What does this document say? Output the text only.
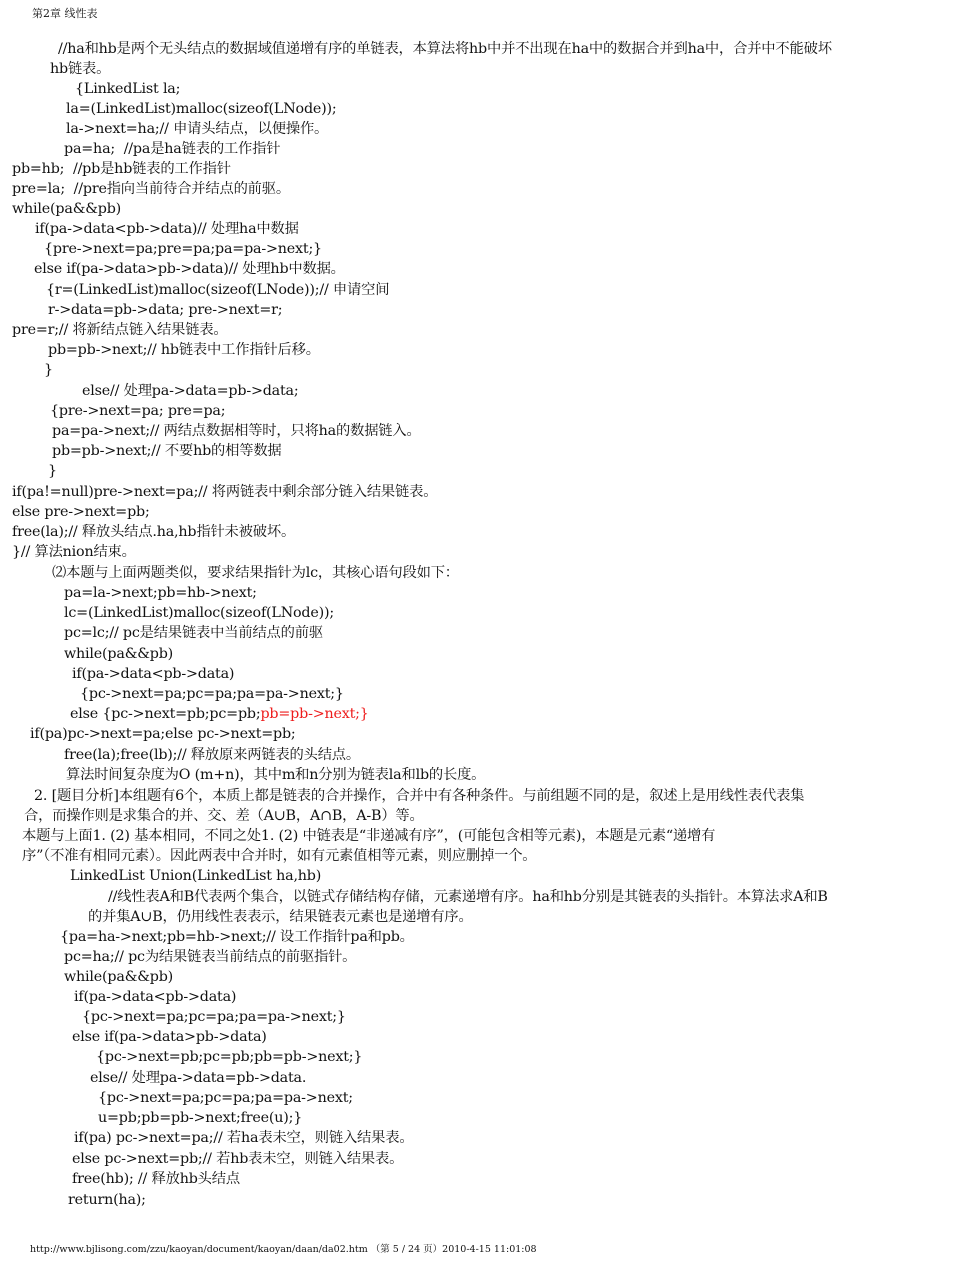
第2章 线性表
//ha和hb是两个无头结点的数据域值递增有序的单链表，本算法将hb中并不出现在ha中的数据合并到ha中，合并中不能破坏
hb链表。
{LinkedList la;
la=(LinkedList)malloc(sizeof(LNode));
la->next=ha;// 申请头结点，以便操作。
pa=ha;  //pa是ha链表的工作指针
pb=hb;  //pb是hb链表的工作指针
pre=la;  //pre指向当前待合并结点的前驱。
while(pa&&pb)
if(pa->data<pb->data)// 处理ha中数据
{pre->next=pa;pre=pa;pa=pa->next;}
else if(pa->data>pb->data)// 处理hb中数据。
{r=(LinkedList)malloc(sizeof(LNode));// 申请空间
r->data=pb->data; pre->next=r;
pre=r;// 将新结点链入结果链表。
pb=pb->next;// hb链表中工作指针后移。
}
else// 处理pa->data=pb->data;
{pre->next=pa; pre=pa;
pa=pa->next;// 两结点数据相等时，只将ha的数据链入。
pb=pb->next;// 不要hb的相等数据
}
if(pa!=null)pre->next=pa;// 将两链表中剩余部分链入结果链表。
else pre->next=pb;
free(la);// 释放头结点.ha,hb指针未被破坏。
}// 算法nion结束。
⑵本题与上面两题类似，要求结果指针为lc，其核心语句段如下：
pa=la->next;pb=hb->next;
lc=(LinkedList)malloc(sizeof(LNode));
pc=lc;// pc是结果链表中当前结点的前驱
while(pa&&pb)
if(pa->data<pb->data)
{pc->next=pa;pc=pa;pa=pa->next;}
else {pc->next=pb;pc=pb;pb=pb->next;}
if(pa)pc->next=pa;else pc->next=pb;
free(la);free(lb);// 释放原来两链表的头结点。
算法时间复杂度为O (m+n)，其中m和n分别为链表la和lb的长度。
2. [题目分析]本组题有6个，本质上都是链表的合并操作，合并中有各种条件。与前组题不同的是，叙述上是用线性表代表集
合，而操作则是求集合的并、交、差（A∪B，A∩B，A-B）等。
本题与上面1. (2) 基本相同，不同之处1. (2) 中链表是“非递减有序”，(可能包含相等元素)，本题是元素“递增有
序”（不准有相同元素）。因此两表中合并时，如有元素值相等元素，则应删掉一个。
LinkedList Union(LinkedList ha,hb)
//线性表A和B代表两个集合，以链式存储结构存储，元素递增有序。ha和hb分别是其链表的头指针。本算法求A和B
的并集A∪B，仍用线性表表示，结果链表元素也是递增有序。
{pa=ha->next;pb=hb->next;// 设工作指针pa和pb。
pc=ha;// pc为结果链表当前结点的前驱指针。
while(pa&&pb)
if(pa->data<pb->data)
{pc->next=pa;pc=pa;pa=pa->next;}
else if(pa->data>pb->data)
{pc->next=pb;pc=pb;pb=pb->next;}
else// 处理pa->data=pb->data.
{pc->next=pa;pc=pa;pa=pa->next;
u=pb;pb=pb->next;free(u);}
if(pa) pc->next=pa;// 若ha表未空，则链入结果表。
else pc->next=pb;// 若hb表未空，则链入结果表。
free(hb); // 释放hb头结点
return(ha);
http://www.bjlisong.com/zzu/kaoyan/document/kaoyan/daan/da02.htm （第 5 / 24 页）2010-4-15 11:01:08
